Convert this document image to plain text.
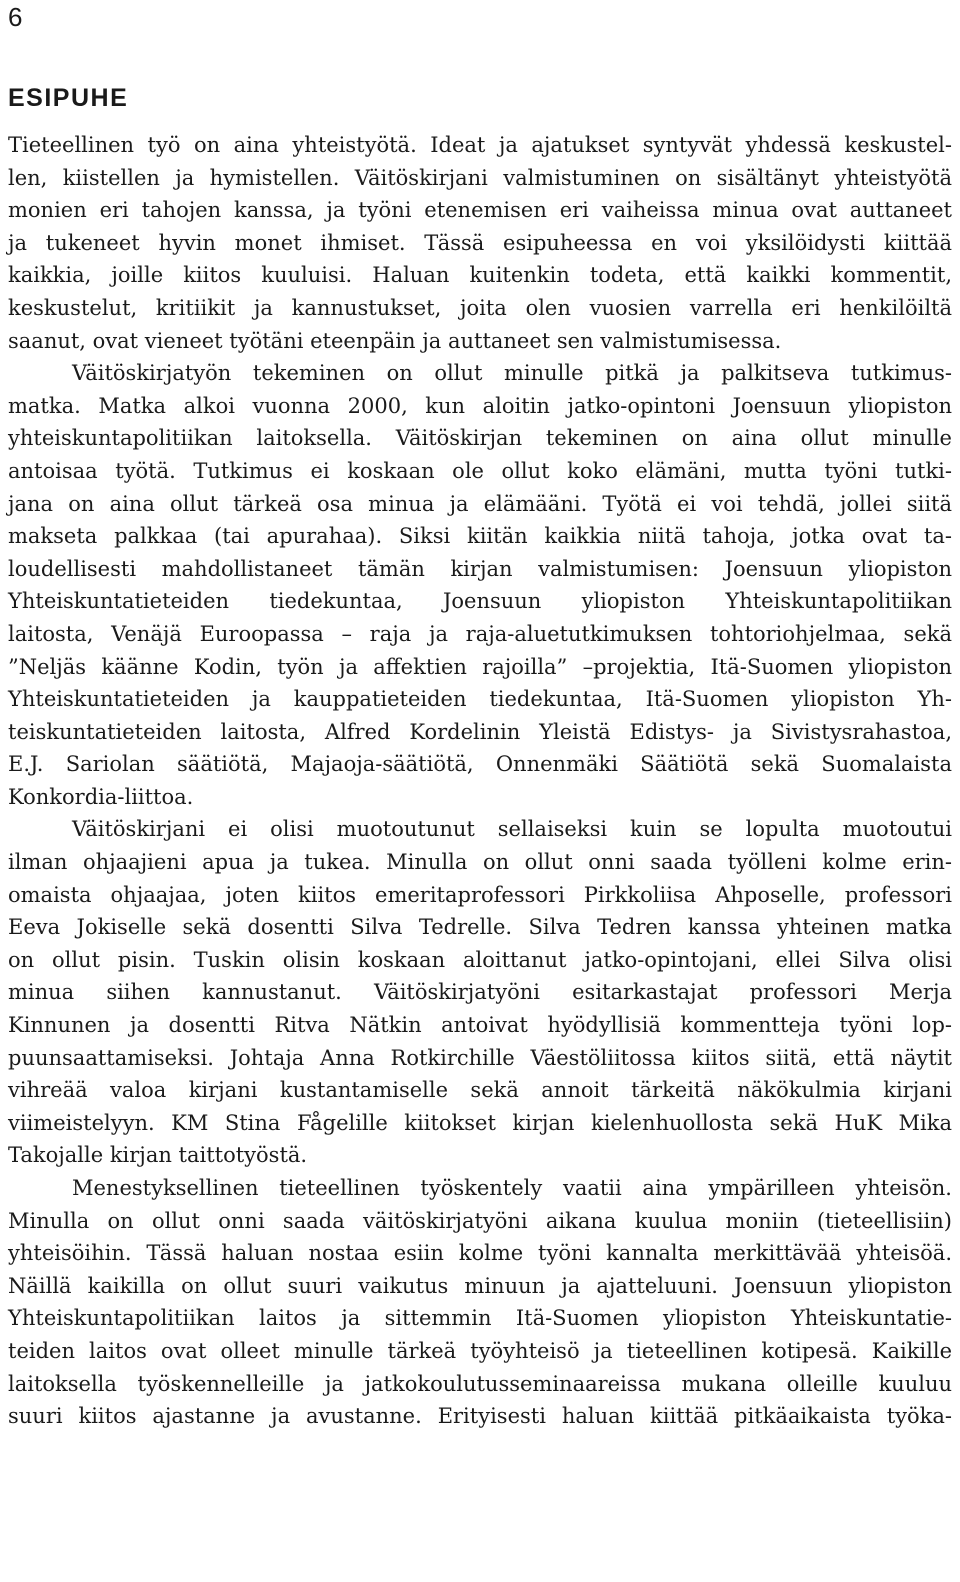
6
ESIPUHE
Tieteellinen työ on aina yhteistyötä. Ideat ja ajatukset syntyvät yhdessä keskustel-
len, kiistellen ja hymistellen. Väitöskirjani valmistuminen on sisältänyt yhteistyötä
monien eri tahojen kanssa, ja työni etenemisen eri vaiheissa minua ovat auttaneet
ja tukeneet hyvin monet ihmiset. Tässä esipuheessa en voi yksilöidysti kiittää
kaikkia, joille kiitos kuuluisi. Haluan kuitenkin todeta, että kaikki kommentit,
keskustelut, kritiikit ja kannustukset, joita olen vuosien varrella eri henkilöiltä
saanut, ovat vieneet työtäni eteenpäin ja auttaneet sen valmistumisessa.
Väitöskirjatyön tekeminen on ollut minulle pitkä ja palkitseva tutkimus-
matka. Matka alkoi vuonna 2000, kun aloitin jatko-opintoni Joensuun yliopiston
yhteiskuntapolitiikan laitoksella. Väitöskirjan tekeminen on aina ollut minulle
antoisaa työtä. Tutkimus ei koskaan ole ollut koko elämäni, mutta työni tutki-
jana on aina ollut tärkeä osa minua ja elämääni. Työtä ei voi tehdä, jollei siitä
makseta palkkaa (tai apurahaa). Siksi kiitän kaikkia niitä tahoja, jotka ovat ta-
loudellisesti mahdollistaneet tämän kirjan valmistumisen: Joensuun yliopiston
Yhteiskuntatieteiden tiedekuntaa, Joensuun yliopiston Yhteiskuntapolitiikan
laitosta, Venäjä Euroopassa – raja ja raja-aluetutkimuksen tohtoriohjelmaa, sekä
”Neljäs käänne Kodin, työn ja affektien rajoilla” –projektia, Itä-Suomen yliopiston
Yhteiskuntatieteiden ja kauppatieteiden tiedekuntaa, Itä-Suomen yliopiston Yh-
teiskuntatieteiden laitosta, Alfred Kordelinin Yleistä Edistys- ja Sivistysrahastoa,
E.J. Sariolan säätiötä, Majaoja-säätiötä, Onnenmäki Säätiötä sekä Suomalaista
Konkordia-liittoa.
Väitöskirjani ei olisi muotoutunut sellaiseksi kuin se lopulta muotoutui
ilman ohjaajieni apua ja tukea. Minulla on ollut onni saada työlleni kolme erin-
omaista ohjaajaa, joten kiitos emeritaprofessori Pirkkoliisa Ahposelle, professori
Eeva Jokiselle sekä dosentti Silva Tedrelle. Silva Tedren kanssa yhteinen matka
on ollut pisin. Tuskin olisin koskaan aloittanut jatko-opintojani, ellei Silva olisi
minua siihen kannustanut. Väitöskirjatyöni esitarkastajat professori Merja
Kinnunen ja dosentti Ritva Nätkin antoivat hyödyllisiä kommentteja työni lop-
puunsaattamiseksi. Johtaja Anna Rotkirchille Väestöliitossa kiitos siitä, että näytit
vihreää valoa kirjani kustantamiselle sekä annoit tärkeitä näkökulmia kirjani
viimeistelyyn. KM Stina Fågelille kiitokset kirjan kielenhuollosta sekä HuK Mika
Takojalle kirjan taittotyöstä.
Menestyksellinen tieteellinen työskentely vaatii aina ympärilleen yhteisön.
Minulla on ollut onni saada väitöskirjatyöni aikana kuulua moniin (tieteellisiin)
yhteisöihin. Tässä haluan nostaa esiin kolme työni kannalta merkittävää yhteisöä.
Näillä kaikilla on ollut suuri vaikutus minuun ja ajatteluuni. Joensuun yliopiston
Yhteiskuntapolitiikan laitos ja sittemmin Itä-Suomen yliopiston Yhteiskuntatie-
teiden laitos ovat olleet minulle tärkeä työyhteisö ja tieteellinen kotipesä. Kaikille
laitoksella työskennelleille ja jatkokoulutusseminaareissa mukana olleille kuuluu
suuri kiitos ajastanne ja avustanne. Erityisesti haluan kiittää pitkäaikaista työka-
